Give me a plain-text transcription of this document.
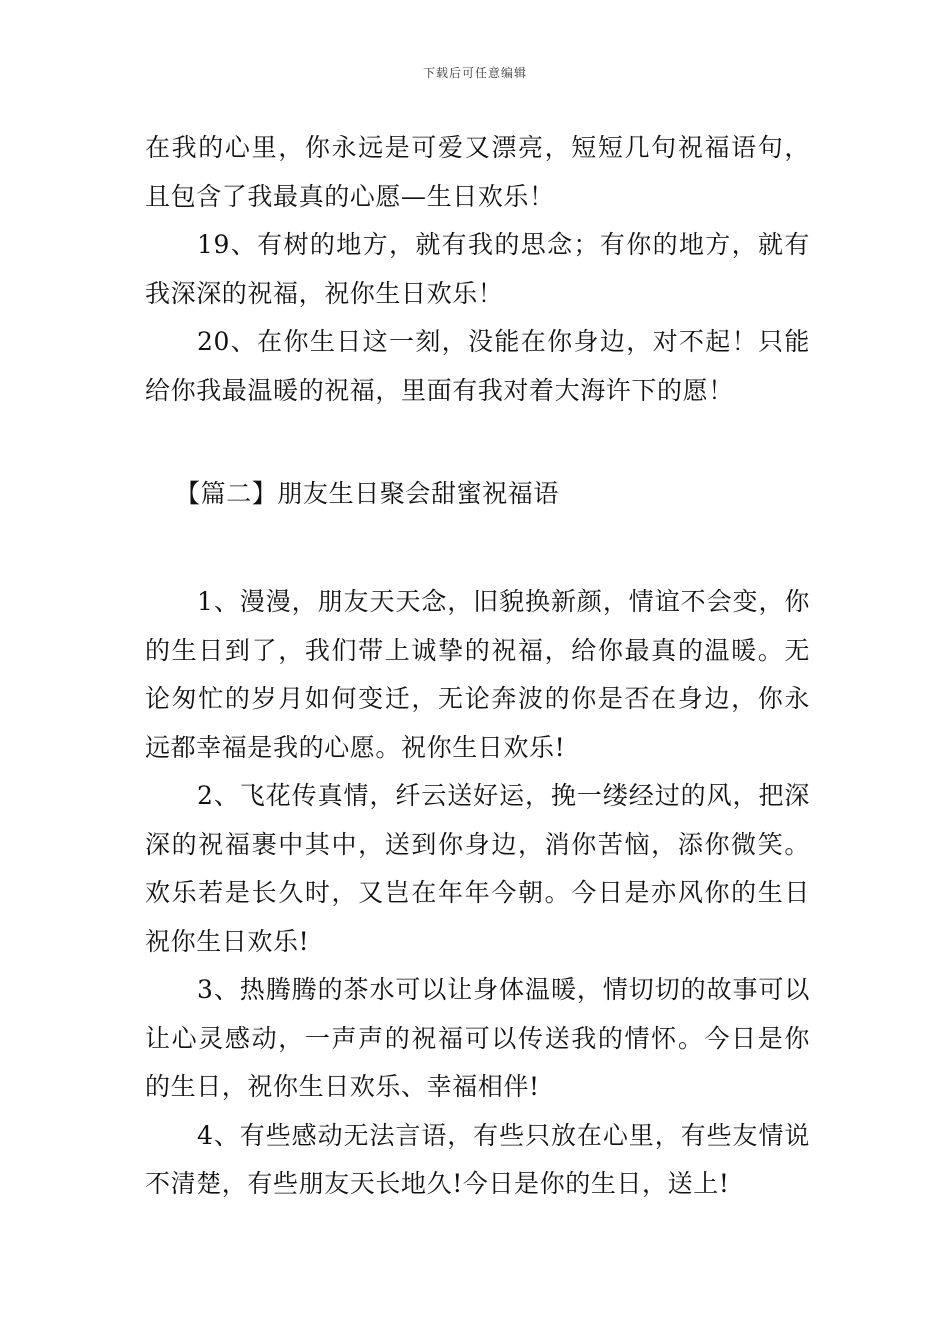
下载后可任意编辑

在我的心里，你永远是可爱又漂亮，短短几句祝福语句，且包含了我最真的心愿—生日欢乐！

19、有树的地方，就有我的思念；有你的地方，就有我深深的祝福，祝你生日欢乐！

20、在你生日这一刻，没能在你身边，对不起！只能给你我最温暖的祝福，里面有我对着大海许下的愿！

【篇二】朋友生日聚会甜蜜祝福语

1、漫漫，朋友天天念，旧貌换新颜，情谊不会变，你的生日到了，我们带上诚挚的祝福，给你最真的温暖。无论匆忙的岁月如何变迁，无论奔波的你是否在身边，你永远都幸福是我的心愿。祝你生日欢乐!

2、飞花传真情，纤云送好运，挽一缕经过的风，把深深的祝福裹中其中，送到你身边，消你苦恼，添你微笑。欢乐若是长久时，又岂在年年今朝。今日是亦风你的生日祝你生日欢乐!

3、热腾腾的茶水可以让身体温暖，情切切的故事可以让心灵感动，一声声的祝福可以传送我的情怀。今日是你的生日，祝你生日欢乐、幸福相伴!

4、有些感动无法言语，有些只放在心里，有些友情说不清楚，有些朋友天长地久!今日是你的生日，送上!
